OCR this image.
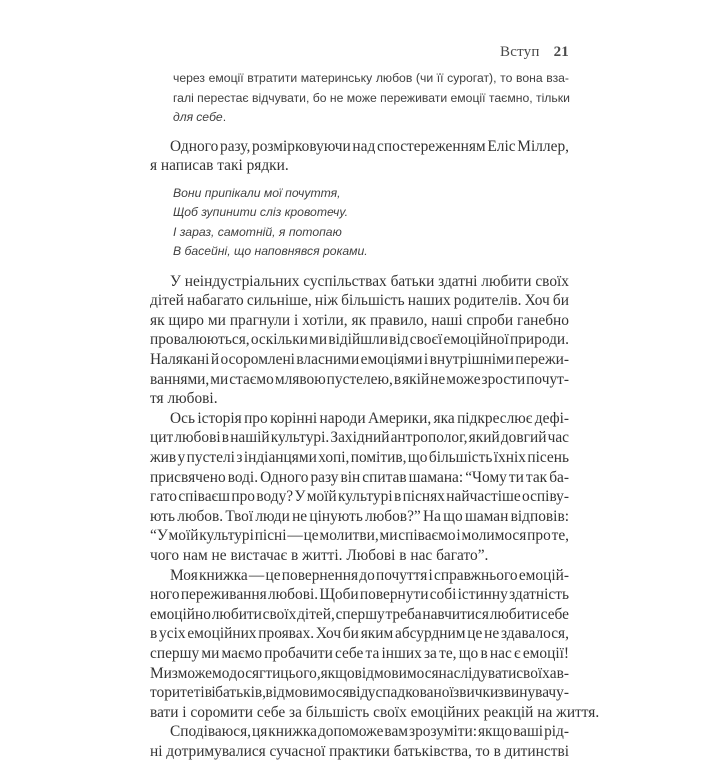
Вступ 21
через емоції втратити материнську любов (чи її сурогат), то вона вза-
галі перестає відчувати, бо не може переживати емоції таємно, тільки
для себе.
Одного разу, розмірковуючи над спостереженням Еліс Міллер,
я написав такі рядки.
Вони припікали мої почуття,
Щоб зупинити сліз кровотечу.
І зараз, самотній, я потопаю
В басейні, що наповнявся роками.
У неіндустріальних суспільствах батьки здатні любити своїх
дітей набагато сильніше, ніж більшість наших родителів. Хоч би
як щиро ми прагнули і хотіли, як правило, наші спроби ганебно
провалюються, оскільки ми відійшли від своєї емоційної природи.
Налякані й осоромлені власними емоціями і внутрішніми пережи-
ваннями, ми стаємо млявою пустелею, в якій не може зрости почут-
тя любові.
Ось історія про корінні народи Америки, яка підкреслює дефі-
цит любові в нашій культурі. Західний антрополог, який довгий час
жив у пустелі з індіанцями хопі, помітив, що більшість їхніх пісень
присвячено воді. Одного разу він спитав шамана: “Чому ти так ба-
гато співаєш про воду? У моїй культурі в піснях найчастіше оспіву-
ють любов. Твої люди не цінують любов?” На що шаман відповів:
“У моїй культурі пісні — це молитви, ми співаємо і молимося про те,
чого нам не вистачає в житті. Любові в нас багато”.
Моя книжка — це повернення до почуття і справжнього емоцій-
ного переживання любові. Щоби повернути собі істинну здатність
емоційно любити своїх дітей, спершу треба навчитися любити себе
в усіх емоційних проявах. Хоч би яким абсурдним це не здавалося,
спершу ми маємо пробачити себе та інших за те, що в нас є емоції!
Ми зможемо досягти цього, якщо відмовимося наслідувати своїх ав-
торитетів і батьків, відмовимося від успадкованої звички звинувачу-
вати і соромити себе за більшість своїх емоційних реакцій на життя.
Сподіваюся, ця книжка допоможе вам зрозуміти: якщо ваші рід-
ні дотримувалися сучасної практики батьківства, то в дитинстві
